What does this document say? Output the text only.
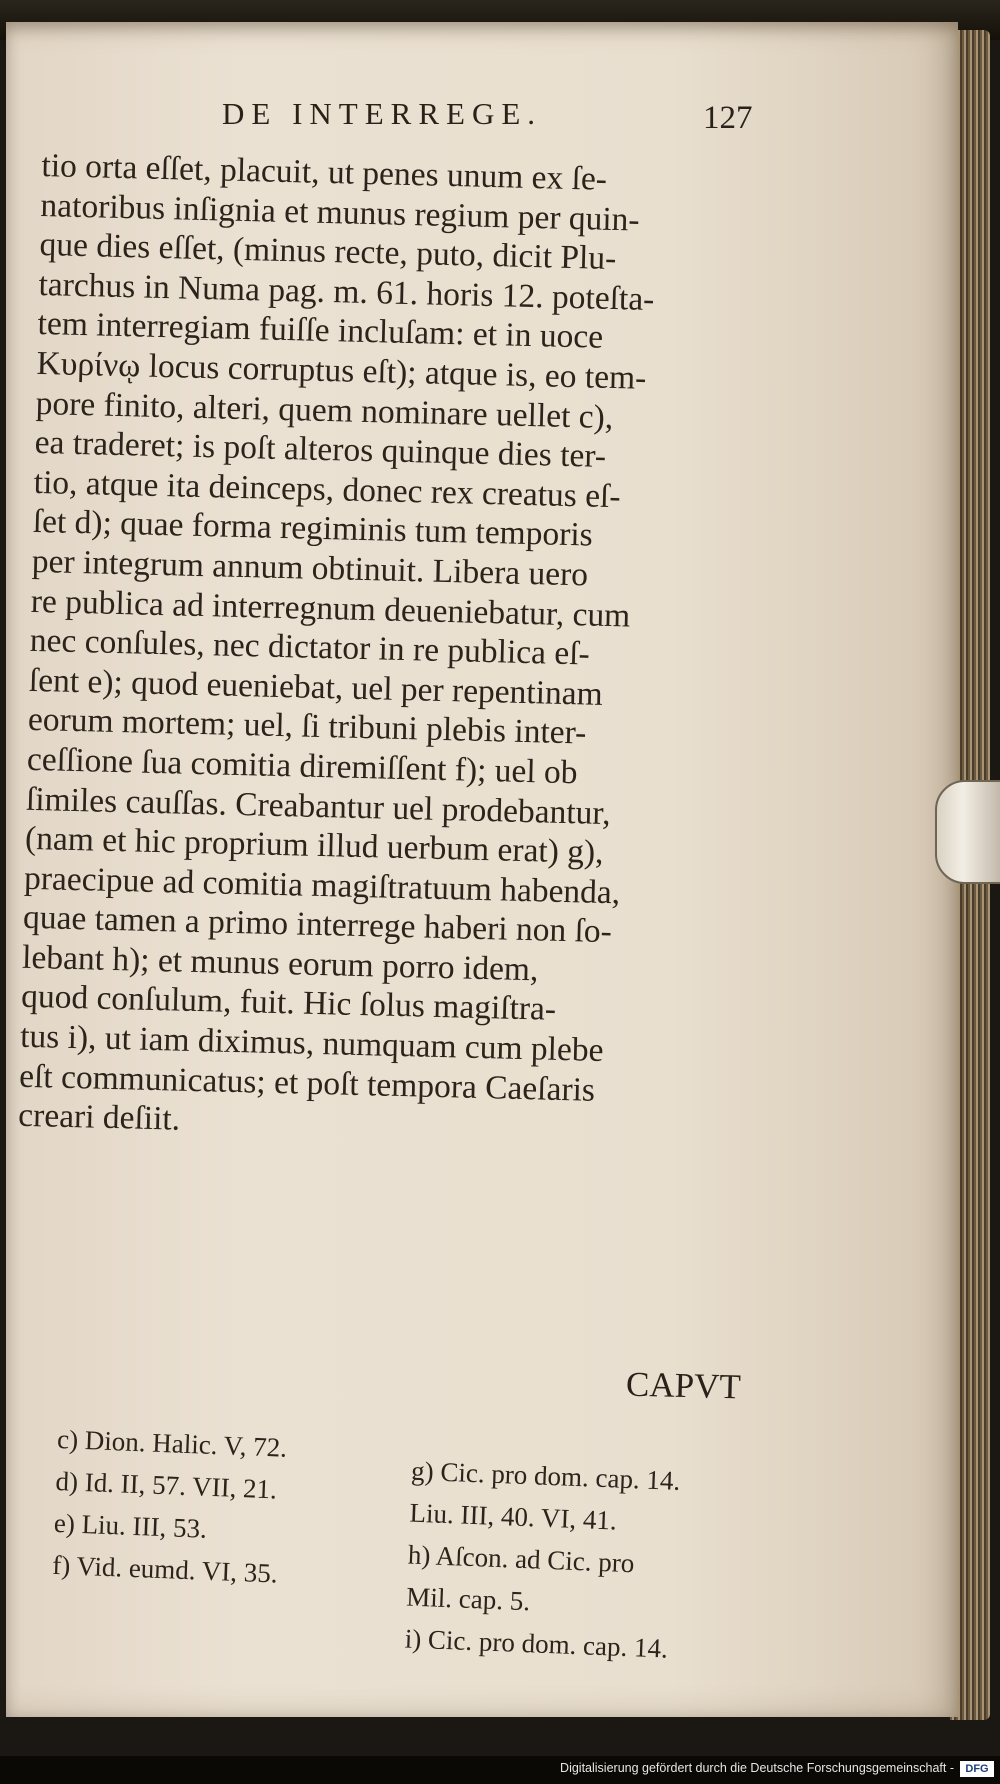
DE INTERREGE.	127
tio orta eſſet, placuit, ut penes unum ex ſe-
natoribus inſignia et munus regium per quin-
que dies eſſet, (minus recte, puto, dicit Plu-
tarchus in Numa pag. m. 61. horis 12. poteſta-
tem interregiam fuiſſe incluſam: et in uoce
Κυρίνῳ locus corruptus eſt); atque is, eo tem-
pore finito, alteri, quem nominare uellet c),
ea traderet; is poſt alteros quinque dies ter-
tio, atque ita deinceps, donec rex creatus eſ-
ſet d); quae forma regiminis tum temporis
per integrum annum obtinuit. Libera uero
re publica ad interregnum deueniebatur, cum
nec conſules, nec dictator in re publica eſ-
ſent e); quod eueniebat, uel per repentinam
eorum mortem; uel, ſi tribuni plebis inter-
ceſſione ſua comitia diremiſſent f); uel ob
ſimiles cauſſas. Creabantur uel prodebantur,
(nam et hic proprium illud uerbum erat) g),
praecipue ad comitia magiſtratuum habenda,
quae tamen a primo interrege haberi non ſo-
lebant h); et munus eorum porro idem,
quod conſulum, fuit. Hic ſolus magiſtra-
tus i), ut iam diximus, numquam cum plebe
eſt communicatus; et poſt tempora Caeſaris
creari deſiit.
CAPVT
c) Dion. Halic. V, 72.
d) Id. II, 57. VII, 21.
e) Liu. III, 53.
f) Vid. eumd. VI, 35.
g) Cic. pro dom. cap. 14.
Liu. III, 40. VI, 41.
h) Aſcon. ad Cic. pro
Mil. cap. 5.
i) Cic. pro dom. cap. 14.
Digitalisierung gefördert durch die Deutsche Forschungsgemeinschaft -	DFG
